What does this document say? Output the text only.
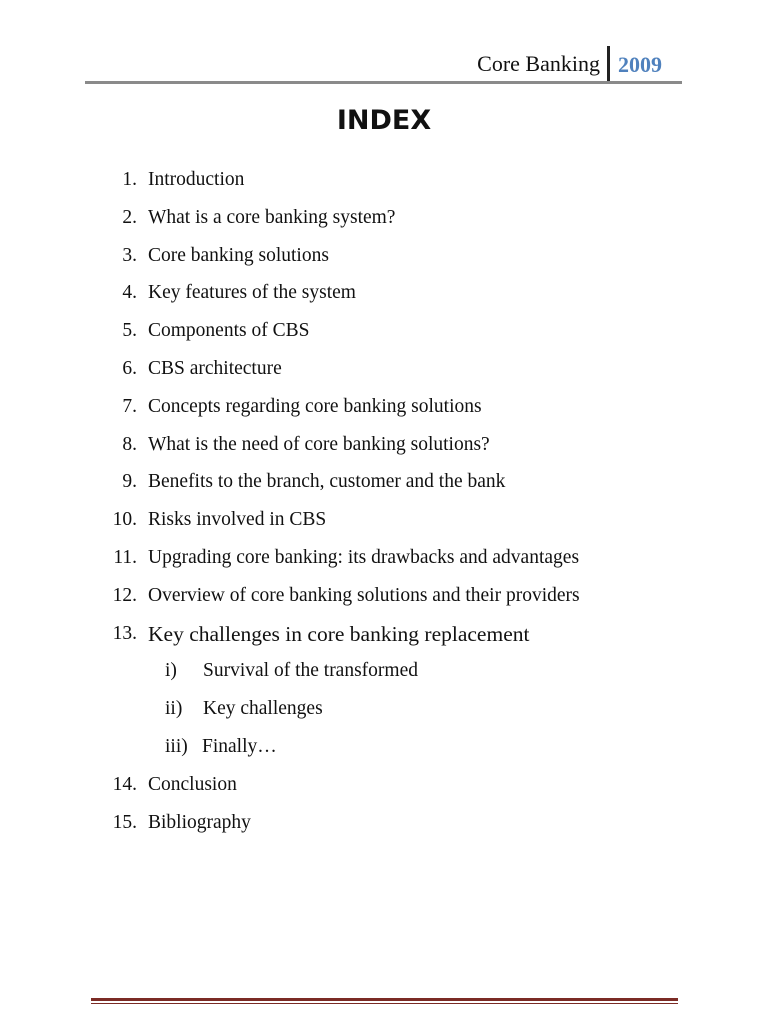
Core Banking 2009
INDEX
1. Introduction
2. What is a core banking system?
3. Core banking solutions
4. Key features of the system
5. Components of CBS
6. CBS architecture
7. Concepts regarding core banking solutions
8. What is the need of core banking solutions?
9. Benefits to the branch, customer and the bank
10. Risks involved in CBS
11. Upgrading core banking: its drawbacks and advantages
12. Overview of core banking solutions and their providers
13. Key challenges in core banking replacement
i) Survival of the transformed
ii) Key challenges
iii) Finally…
14. Conclusion
15. Bibliography
